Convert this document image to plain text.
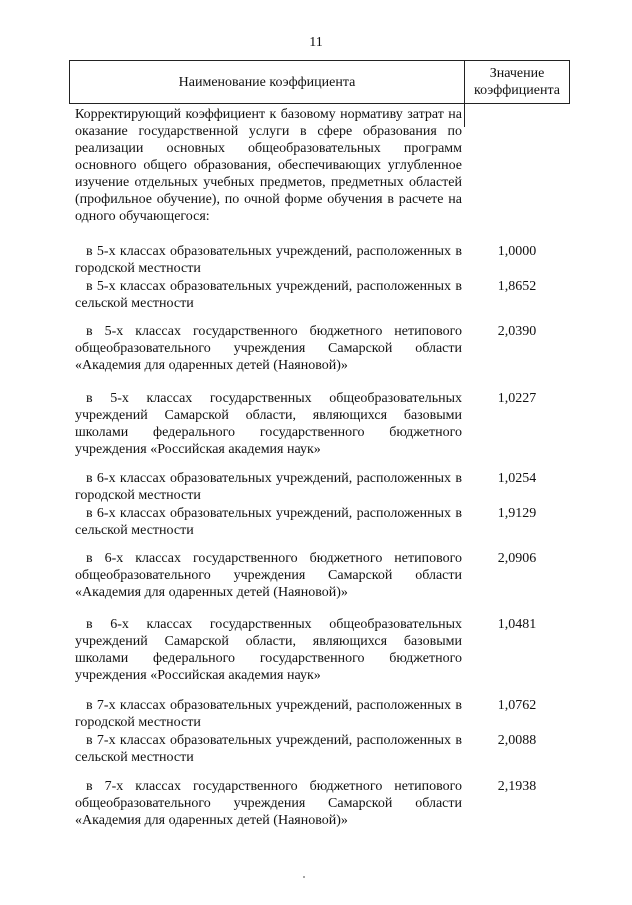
11
Наименование коэффициента
Значение коэффициента
Корректирующий коэффициент к базовому нормативу затрат на оказание государственной услуги в сфере образования по реализации основных общеобразовательных программ основного общего образования, обеспечивающих углубленное изучение отдельных учебных предметов, предметных областей (профильное обучение), по очной форме обучения в расчете на одного обучающегося:
в 5-х классах образовательных учреждений, расположенных в городской местности
1,0000
в 5-х классах образовательных учреждений, расположенных в сельской местности
1,8652
в 5-х классах государственного бюджетного нетипового общеобразовательного учреждения Самарской области «Академия для одаренных детей (Наяновой)»
2,0390
в 5-х классах государственных общеобразовательных учреждений Самарской области, являющихся базовыми школами федерального государственного бюджетного учреждения «Российская академия наук»
1,0227
в 6-х классах образовательных учреждений, расположенных в городской местности
1,0254
в 6-х классах образовательных учреждений, расположенных в сельской местности
1,9129
в 6-х классах государственного бюджетного нетипового общеобразовательного учреждения Самарской области «Академия для одаренных детей (Наяновой)»
2,0906
в 6-х классах государственных общеобразовательных учреждений Самарской области, являющихся базовыми школами федерального государственного бюджетного учреждения «Российская академия наук»
1,0481
в 7-х классах образовательных учреждений, расположенных в городской местности
1,0762
в 7-х классах образовательных учреждений, расположенных в сельской местности
2,0088
в 7-х классах государственного бюджетного нетипового общеобразовательного учреждения Самарской области «Академия для одаренных детей (Наяновой)»
2,1938
